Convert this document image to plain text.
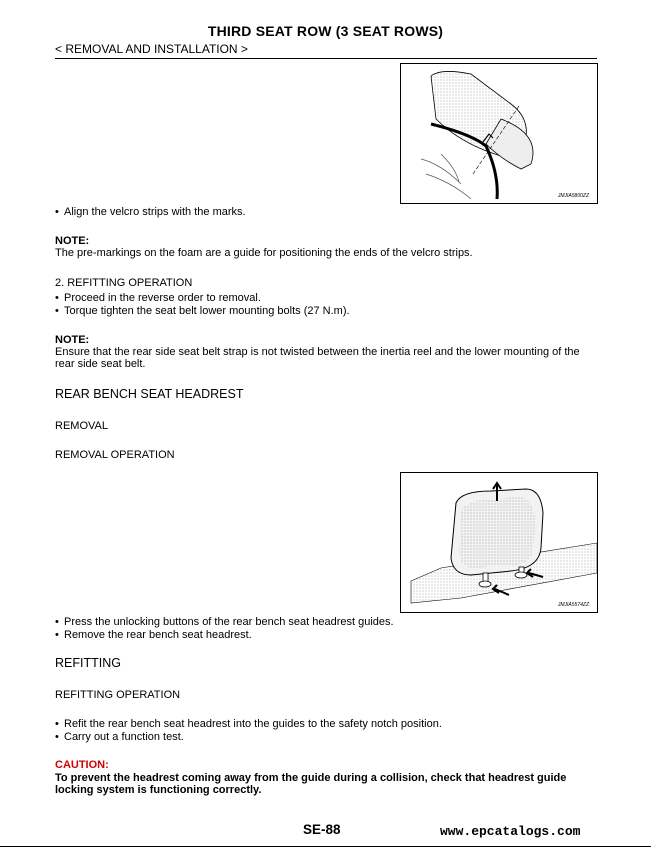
THIRD SEAT ROW (3 SEAT ROWS)
< REMOVAL AND INSTALLATION >
JMJIA5800ZZ
• Align the velcro strips with the marks.
NOTE:
The pre-markings on the foam are a guide for positioning the ends of the velcro strips.
2. REFITTING OPERATION
• Proceed in the reverse order to removal.
• Torque tighten the seat belt lower mounting bolts (27 N.m).
NOTE:
Ensure that the rear side seat belt strap is not twisted between the inertia reel and the lower mounting of the
rear side seat belt.
REAR BENCH SEAT HEADREST
REMOVAL
REMOVAL OPERATION
JMJIA5574ZZ
• Press the unlocking buttons of the rear bench seat headrest guides.
• Remove the rear bench seat headrest.
REFITTING
REFITTING OPERATION
• Refit the rear bench seat headrest into the guides to the safety notch position.
• Carry out a function test.
CAUTION:
To prevent the headrest coming away from the guide during a collision, check that headrest guide
locking system is functioning correctly.
SE-88	www.epcatalogs.com
